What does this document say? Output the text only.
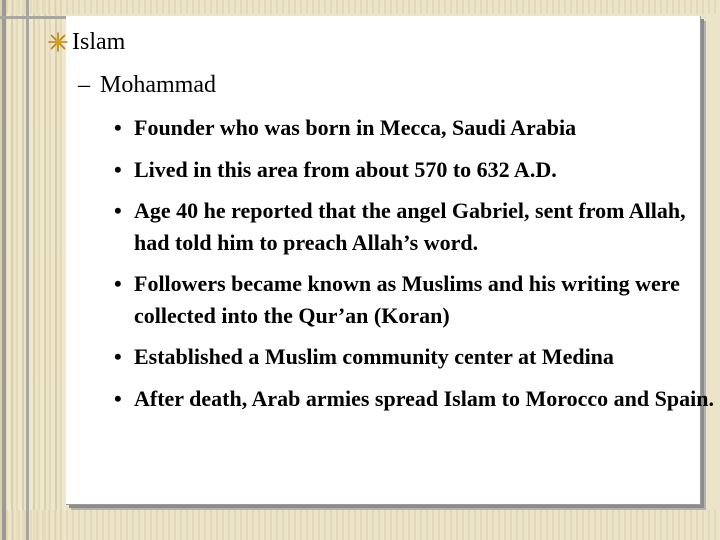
Islam
– Mohammad
• Founder who was born in Mecca, Saudi Arabia
• Lived in this area from about 570 to 632 A.D.
• Age 40 he reported that the angel Gabriel, sent from Allah, had told him to preach Allah’s word.
• Followers became known as Muslims and his writing were collected into the Qur’an (Koran)
• Established a Muslim community center at Medina
• After death, Arab armies spread Islam to Morocco and Spain.
